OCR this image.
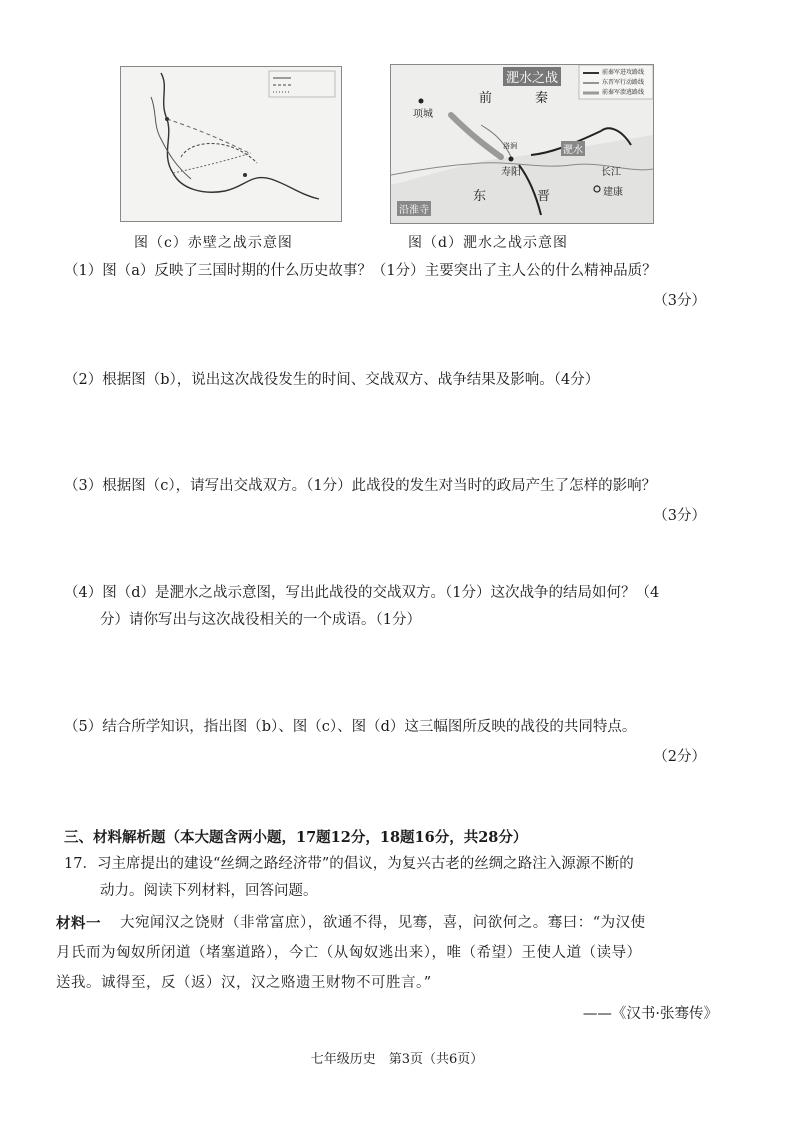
图（c）赤壁之战示意图
淝水之战	前秦军进攻路线
东晋军行动路线
前秦军溃逃路线
项城
前	秦
洛涧
寿阳
淝水
东	晋
长江
建康
沿淮寺
图（d）淝水之战示意图
（1）图（a）反映了三国时期的什么历史故事？（1分）主要突出了主人公的什么精神品质？
（3分）
（2）根据图（b），说出这次战役发生的时间、交战双方、战争结果及影响。（4分）
（3）根据图（c），请写出交战双方。（1分）此战役的发生对当时的政局产生了怎样的影响？
（3分）
（4）图（d）是淝水之战示意图，写出此战役的交战双方。（1分）这次战争的结局如何？（4
分）请你写出与这次战役相关的一个成语。（1分）
（5）结合所学知识，指出图（b）、图（c）、图（d）这三幅图所反映的战役的共同特点。
（2分）
三、材料解析题（本大题含两小题，17题12分，18题16分，共28分）
17．习主席提出的建设“丝绸之路经济带”的倡议，为复兴古老的丝绸之路注入源源不断的
动力。阅读下列材料，回答问题。
材料一 大宛闻汉之饶财（非常富庶），欲通不得，见骞，喜，问欲何之。骞曰：“为汉使
月氏而为匈奴所闭道（堵塞道路），今亡（从匈奴逃出来），唯（希望）王使人道（读导）
送我。诚得至，反（返）汉，汉之赂遗王财物不可胜言。”
——《汉书·张骞传》
七年级历史　第3页（共6页）
